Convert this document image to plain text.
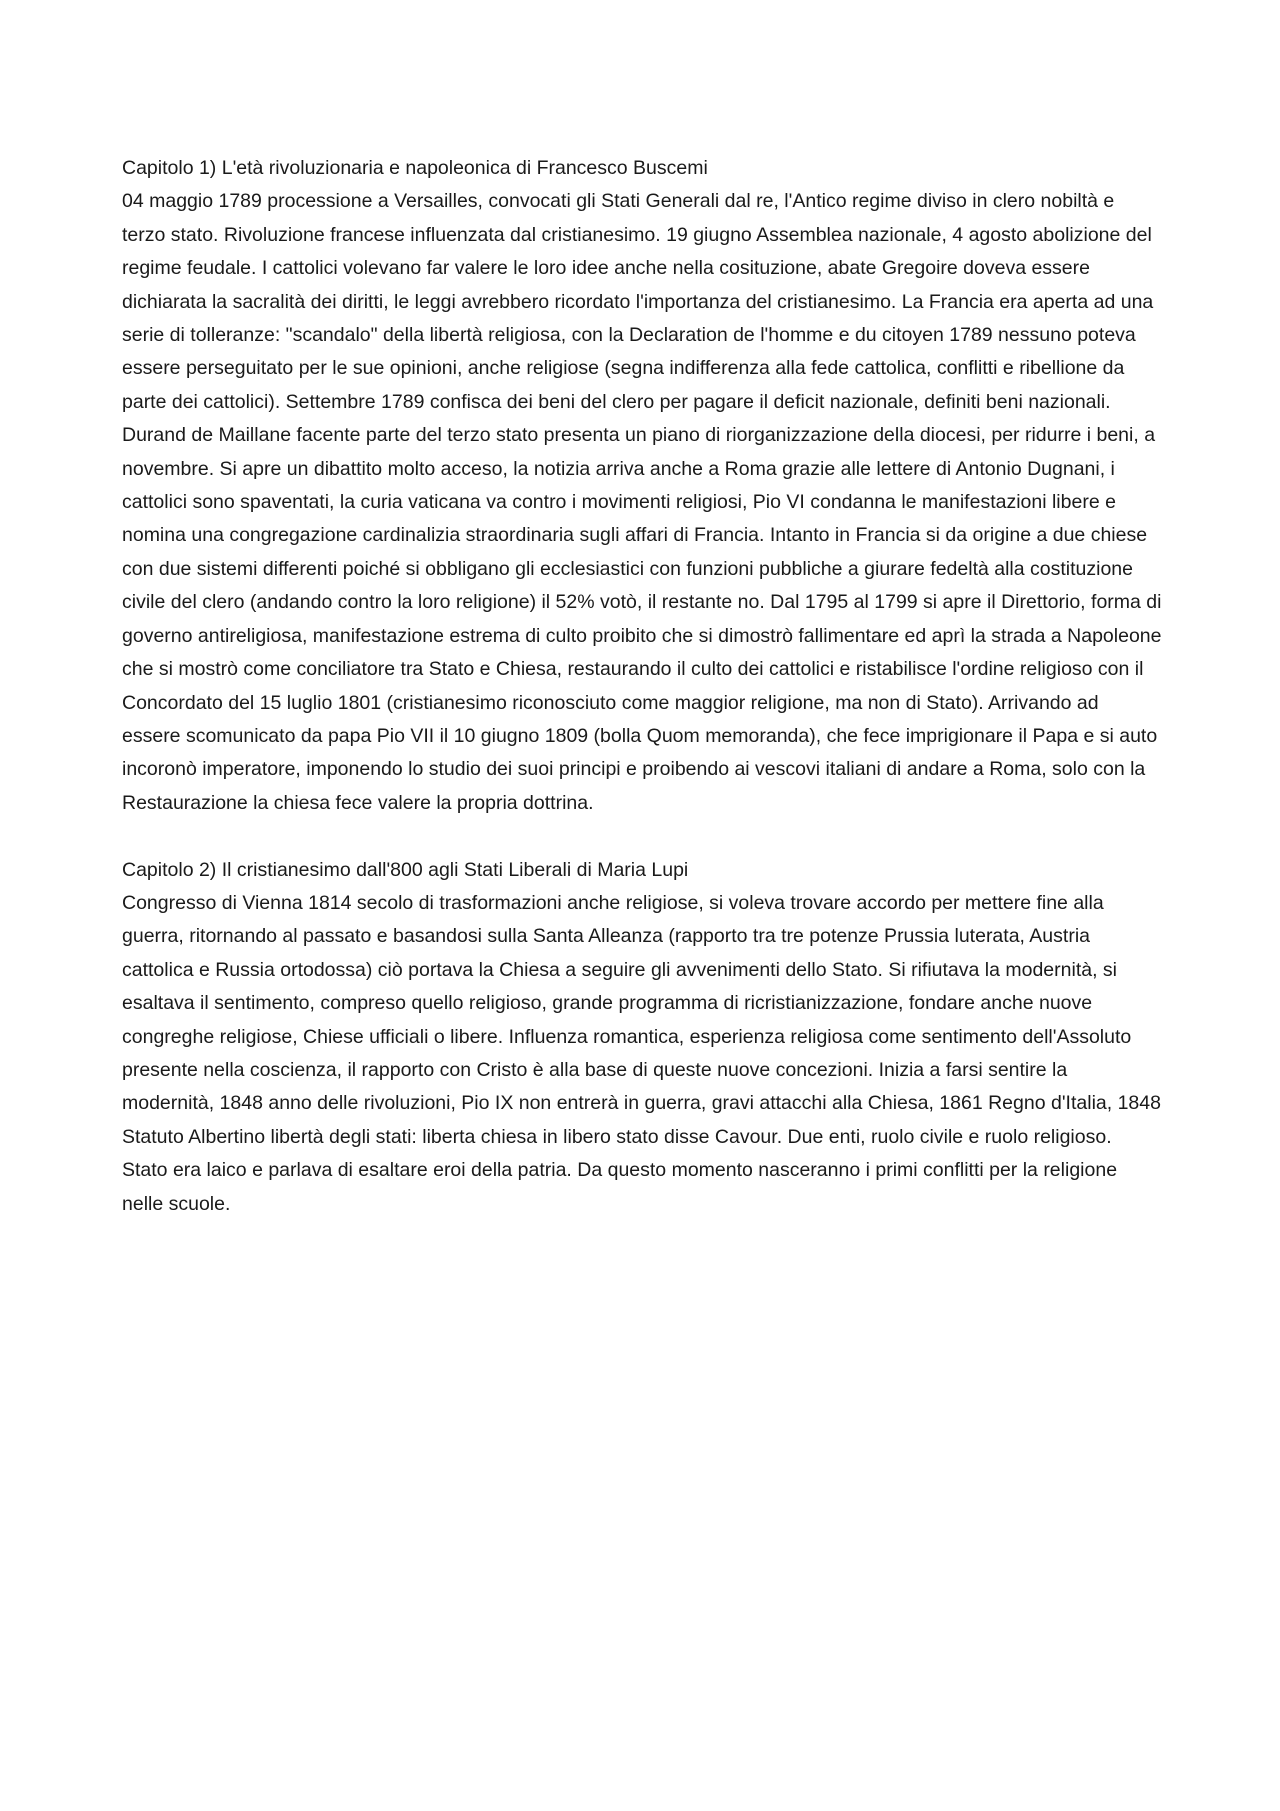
Capitolo 1) L'età rivoluzionaria e napoleonica di Francesco Buscemi
04 maggio 1789 processione a Versailles, convocati gli Stati Generali dal re, l'Antico regime diviso in clero nobiltà e terzo stato. Rivoluzione francese influenzata dal cristianesimo. 19 giugno Assemblea nazionale, 4 agosto abolizione del regime feudale. I cattolici volevano far valere le loro idee anche nella cosituzione, abate Gregoire doveva essere dichiarata la sacralità dei diritti, le leggi avrebbero ricordato l'importanza del cristianesimo. La Francia era aperta ad una serie di tolleranze: "scandalo" della libertà religiosa, con la Declaration de l'homme e du citoyen 1789 nessuno poteva essere perseguitato per le sue opinioni, anche religiose (segna indifferenza alla fede cattolica, conflitti e ribellione da parte dei cattolici). Settembre 1789 confisca dei beni del clero per pagare il deficit nazionale, definiti beni nazionali. Durand de Maillane facente parte del terzo stato presenta un piano di riorganizzazione della diocesi, per ridurre i beni, a novembre. Si apre un dibattito molto acceso, la notizia arriva anche a Roma grazie alle lettere di Antonio Dugnani, i cattolici sono spaventati, la curia vaticana va contro i movimenti religiosi, Pio VI condanna le manifestazioni libere e nomina una congregazione cardinalizia straordinaria sugli affari di Francia. Intanto in Francia si da origine a due chiese con due sistemi differenti poiché si obbligano gli ecclesiastici con funzioni pubbliche a giurare fedeltà alla costituzione civile del clero (andando contro la loro religione) il 52% votò, il restante no. Dal 1795 al 1799 si apre il Direttorio, forma di governo antireligiosa, manifestazione estrema di culto proibito che si dimostrò fallimentare ed aprì la strada a Napoleone che si mostrò come conciliatore tra Stato e Chiesa, restaurando il culto dei cattolici e ristabilisce l'ordine religioso con il Concordato del 15 luglio 1801 (cristianesimo riconosciuto come maggior religione, ma non di Stato). Arrivando ad essere scomunicato da papa Pio VII il 10 giugno 1809 (bolla Quom memoranda), che fece imprigionare il Papa e si auto incoronò imperatore, imponendo lo studio dei suoi principi e proibendo ai vescovi italiani di andare a Roma, solo con la Restaurazione la chiesa fece valere la propria dottrina.
Capitolo 2) Il cristianesimo dall'800 agli Stati Liberali di Maria Lupi
Congresso di Vienna 1814 secolo di trasformazioni anche religiose, si voleva trovare accordo per mettere fine alla guerra, ritornando al passato e basandosi sulla Santa Alleanza (rapporto tra tre potenze Prussia luterata, Austria cattolica e Russia ortodossa) ciò portava la Chiesa a seguire gli avvenimenti dello Stato. Si rifiutava la modernità, si esaltava il sentimento, compreso quello religioso, grande programma di ricristianizzazione, fondare anche nuove congreghe religiose, Chiese ufficiali o libere. Influenza romantica, esperienza religiosa come sentimento dell'Assoluto presente nella coscienza, il rapporto con Cristo è alla base di queste nuove concezioni. Inizia a farsi sentire la modernità, 1848 anno delle rivoluzioni, Pio IX non entrerà in guerra, gravi attacchi alla Chiesa, 1861 Regno d'Italia, 1848 Statuto Albertino libertà degli stati: liberta chiesa in libero stato disse Cavour. Due enti, ruolo civile e ruolo religioso. Stato era laico e parlava di esaltare eroi della patria. Da questo momento nasceranno i primi conflitti per la religione nelle scuole.
